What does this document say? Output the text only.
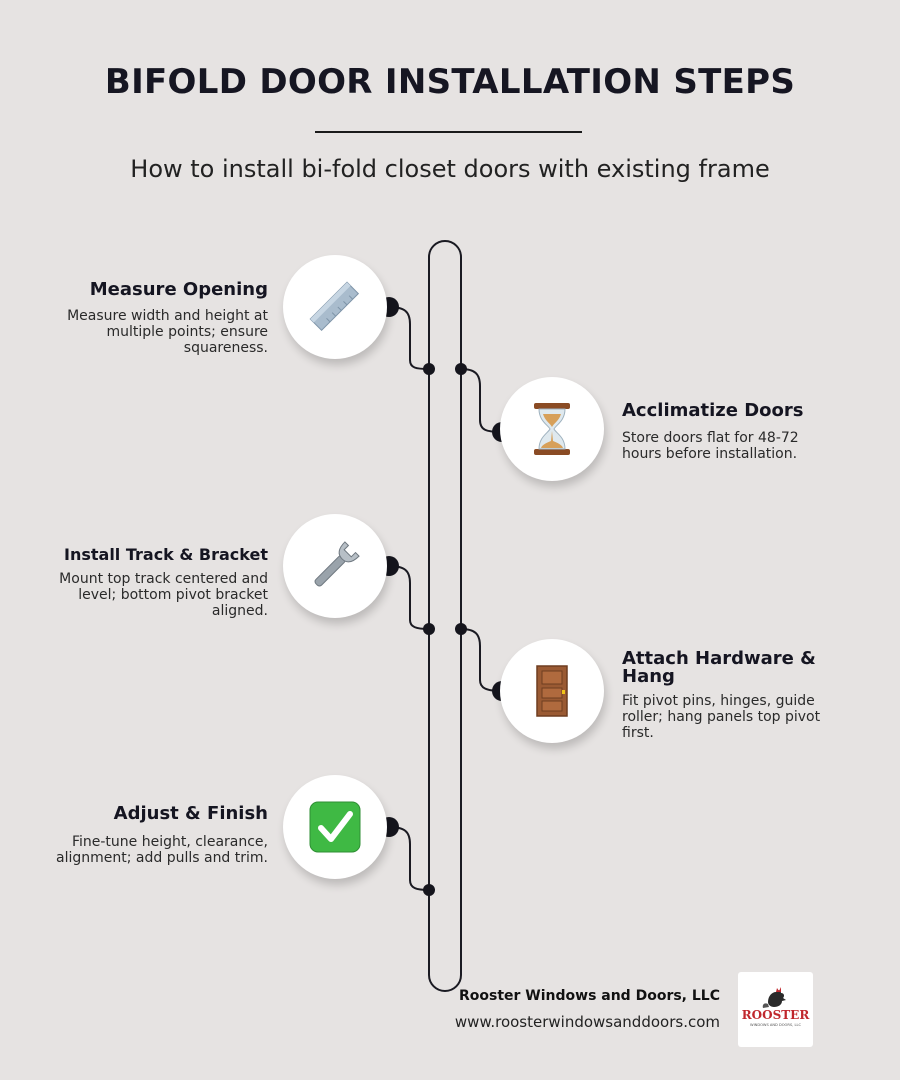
BIFOLD DOOR INSTALLATION STEPS
How to install bi-fold closet doors with existing frame
Measure Opening
Measure width and height at multiple points; ensure squareness.
Acclimatize Doors
Store doors flat for 48-72 hours before installation.
Install Track & Bracket
Mount top track centered and level; bottom pivot bracket aligned.
Attach Hardware & Hang
Fit pivot pins, hinges, guide roller; hang panels top pivot first.
Adjust & Finish
Fine-tune height, clearance, alignment; add pulls and trim.
Rooster Windows and Doors, LLC
www.roosterwindowsanddoors.com ROOSTER
WINDOWS AND DOORS, LLC
